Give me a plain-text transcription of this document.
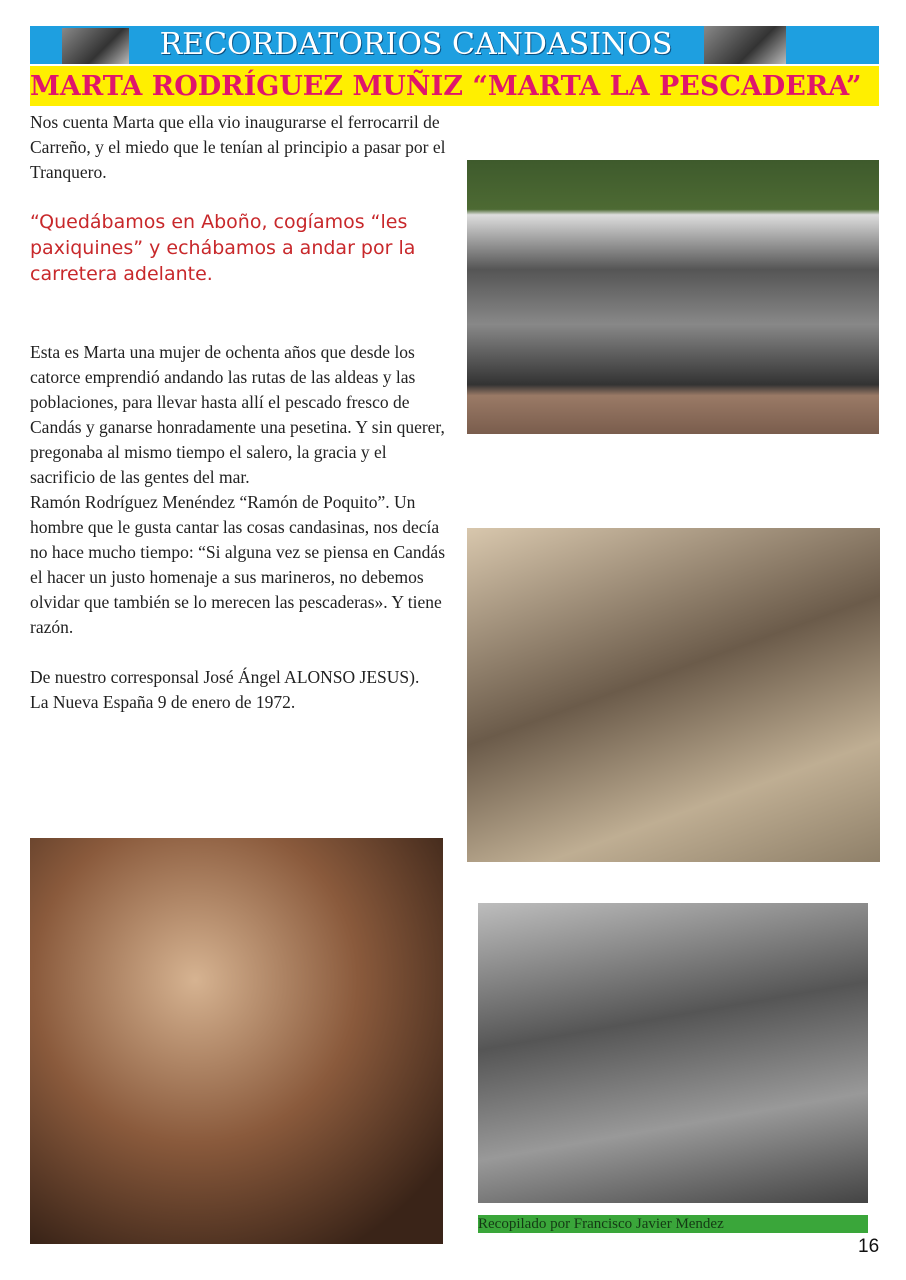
RECORDATORIOS CANDASINOS
MARTA RODRÍGUEZ MUÑIZ “MARTA LA PESCADERA”

Nos cuenta Marta que ella vio inaugurarse el ferrocarril de Carreño, y el miedo que le tenían al principio a pasar por el Tranquero.

“Quedábamos en Aboño, cogíamos “les paxiquines” y echábamos a andar por la carretera adelante.

Esta es Marta una mujer de ochenta años que desde los catorce emprendió andando las rutas de las aldeas y las poblaciones, para llevar hasta allí el pescado fresco de Candás y ganarse honradamente una pesetina. Y sin querer, pregonaba al mismo tiempo el salero, la gracia y el sacrificio de las gentes del mar.

Ramón Rodríguez Menéndez “Ramón de Poquito”. Un hombre que le gusta cantar las cosas candasinas, nos decía no hace mucho tiempo: “Si alguna vez se piensa en Candás el hacer un justo homenaje a sus marineros, no debemos olvidar que también se lo merecen las pescaderas». Y tiene razón.

De nuestro corresponsal José Ángel ALONSO JESUS).

La Nueva España 9 de enero de 1972.

Recopilado por Francisco Javier Mendez
16
